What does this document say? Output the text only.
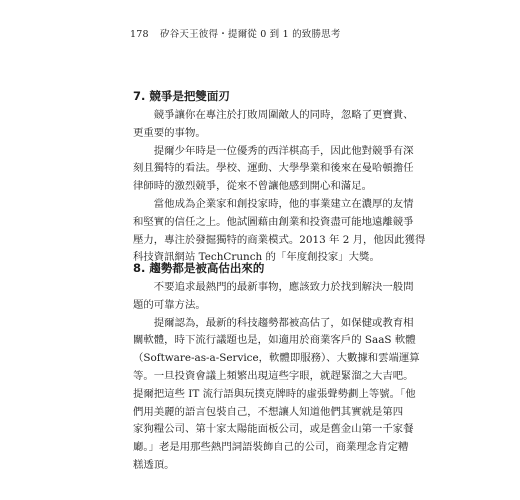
178 矽谷天王彼得・提爾從 0 到 1 的致勝思考
7. 競爭是把雙面刃
競爭讓你在專注於打敗周圍敵人的同時，忽略了更寶貴、
更重要的事物。
提爾少年時是一位優秀的西洋棋高手，因此他對競爭有深
刻且獨特的看法。學校、運動、大學學業和後來在曼哈頓擔任
律師時的激烈競爭，從來不曾讓他感到開心和滿足。
當他成為企業家和創投家時，他的事業建立在濃厚的友情
和堅實的信任之上。他試圖藉由創業和投資盡可能地遠離競爭
壓力，專注於發掘獨特的商業模式。2013 年 2 月，他因此獲得
科技資訊網站 TechCrunch 的「年度創投家」大獎。
8. 趨勢都是被高估出來的
不要追求最熱門的最新事物，應該致力於找到解決一般問
題的可靠方法。
提爾認為，最新的科技趨勢都被高估了，如保健或教育相
關軟體，時下流行議題也是，如適用於商業客戶的 SaaS 軟體
（Software-as-a-Service，軟體即服務）、大數據和雲端運算
等。一旦投資會議上頻繁出現這些字眼，就趕緊溜之大吉吧。
提爾把這些 IT 流行語與玩撲克牌時的虛張聲勢劃上等號。「他
們用美麗的語言包裝自己，不想讓人知道他們其實就是第四
家狗糧公司、第十家太陽能面板公司，或是舊金山第一千家餐
廳。」老是用那些熱門詞語裝飾自己的公司，商業理念肯定糟
糕透頂。
